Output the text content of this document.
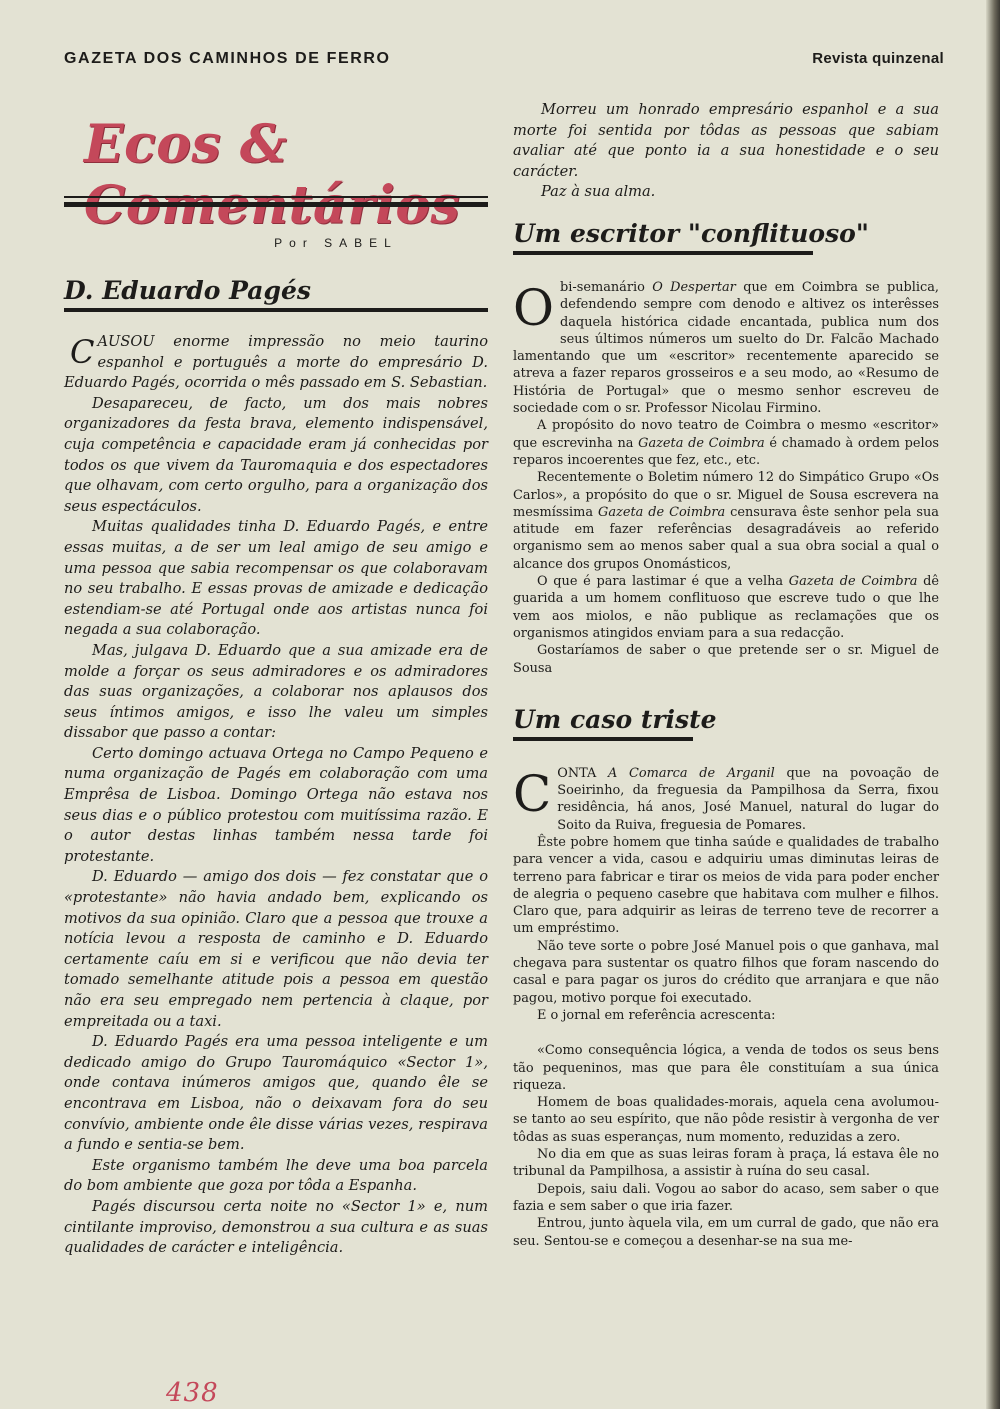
GAZETA DOS CAMINHOS DE FERRO	Revista quinzenal
Ecos &
Por SABEL
D. Eduardo Pagés

CAUSOU enorme impressão no meio taurino espanhol e português a morte do empresário D. Eduardo Pagés, ocorrida o mês passado em S. Sebastian.

Desapareceu, de facto, um dos mais nobres organizadores da festa brava, elemento indispensável, cuja competência e capacidade eram já conhecidas por todos os que vivem da Tauromaquia e dos espectadores que olhavam, com certo orgulho, para a organização dos seus espectáculos.

Muitas qualidades tinha D. Eduardo Pagés, e entre essas muitas, a de ser um leal amigo de seu amigo e uma pessoa que sabia recompensar os que colaboravam no seu trabalho. E essas provas de amizade e dedicação estendiam-se até Portugal onde aos artistas nunca foi negada a sua colaboração.

Mas, julgava D. Eduardo que a sua amizade era de molde a forçar os seus admiradores e os admiradores das suas organizações, a colaborar nos aplausos dos seus íntimos amigos, e isso lhe valeu um simples dissabor que passo a contar:

Certo domingo actuava Ortega no Campo Pequeno e numa organização de Pagés em colaboração com uma Emprêsa de Lisboa. Domingo Ortega não estava nos seus dias e o público protestou com muitíssima razão. E o autor destas linhas também nessa tarde foi protestante.

D. Eduardo — amigo dos dois — fez constatar que o «protestante» não havia andado bem, explicando os motivos da sua opinião. Claro que a pessoa que trouxe a notícia levou a resposta de caminho e D. Eduardo certamente caíu em si e verificou que não devia ter tomado semelhante atitude pois a pessoa em questão não era seu empregado nem pertencia à claque, por empreitada ou a taxi.

D. Eduardo Pagés era uma pessoa inteligente e um dedicado amigo do Grupo Tauromáquico «Sector 1», onde contava inúmeros amigos que, quando êle se encontrava em Lisboa, não o deixavam fora do seu convívio, ambiente onde êle disse várias vezes, respirava a fundo e sentia-se bem.

Este organismo também lhe deve uma boa parcela do bom ambiente que goza por tôda a Espanha.

Pagés discursou certa noite no «Sector 1» e, num cintilante improviso, demonstrou a sua cultura e as suas qualidades de carácter e inteligência.

Morreu um honrado empresário espanhol e a sua morte foi sentida por tôdas as pessoas que sabiam avaliar até que ponto ia a sua honestidade e o seu carácter.

Paz à sua alma.

Um escritor "conflituoso"

Obi-semanário O Despertar que em Coimbra se publica, defendendo sempre com denodo e altivez os interêsses daquela histórica cidade encantada, publica num dos seus últimos números um suelto do Dr. Falcão Machado lamentando que um «escritor» recentemente aparecido se atreva a fazer reparos grosseiros e a seu modo, ao «Resumo de História de Portugal» que o mesmo senhor escreveu de sociedade com o sr. Professor Nicolau Firmino.

A propósito do novo teatro de Coimbra o mesmo «escritor» que escrevinha na Gazeta de Coimbra é chamado à ordem pelos reparos incoerentes que fez, etc., etc.

Recentemente o Boletim número 12 do Simpático Grupo «Os Carlos», a propósito do que o sr. Miguel de Sousa escrevera na mesmíssima Gazeta de Coimbra censurava êste senhor pela sua atitude em fazer referências desagradáveis ao referido organismo sem ao menos saber qual a sua obra social a qual o alcance dos grupos Onomásticos,

O que é para lastimar é que a velha Gazeta de Coimbra dê guarida a um homem conflituoso que escreve tudo o que lhe vem aos miolos, e não publique as reclamações que os organismos atingidos enviam para a sua redacção.

Gostaríamos de saber o que pretende ser o sr. Miguel de Sousa

Um caso triste

CONTA A Comarca de Arganil que na povoação de Soeirinho, da freguesia da Pampilhosa da Serra, fixou residência, há anos, José Manuel, natural do lugar do Soito da Ruiva, freguesia de Pomares.

Êste pobre homem que tinha saúde e qualidades de trabalho para vencer a vida, casou e adquiriu umas diminutas leiras de terreno para fabricar e tirar os meios de vida para poder encher de alegria o pequeno casebre que habitava com mulher e filhos. Claro que, para adquirir as leiras de terreno teve de recorrer a um empréstimo.

Não teve sorte o pobre José Manuel pois o que ganhava, mal chegava para sustentar os quatro filhos que foram nascendo do casal e para pagar os juros do crédito que arranjara e que não pagou, motivo porque foi executado.

E o jornal em referência acrescenta:

«Como consequência lógica, a venda de todos os seus bens tão pequeninos, mas que para êle constituíam a sua única riqueza.

Homem de boas qualidades-morais, aquela cena avolumou-se tanto ao seu espírito, que não pôde resistir à vergonha de ver tôdas as suas esperanças, num momento, reduzidas a zero.

No dia em que as suas leiras foram à praça, lá estava êle no tribunal da Pampilhosa, a assistir à ruína do seu casal.

Depois, saiu dali. Vogou ao sabor do acaso, sem saber o que fazia e sem saber o que iria fazer.

Entrou, junto àquela vila, em um curral de gado, que não era seu. Sentou-se e começou a desenhar-se na sua me-

438
